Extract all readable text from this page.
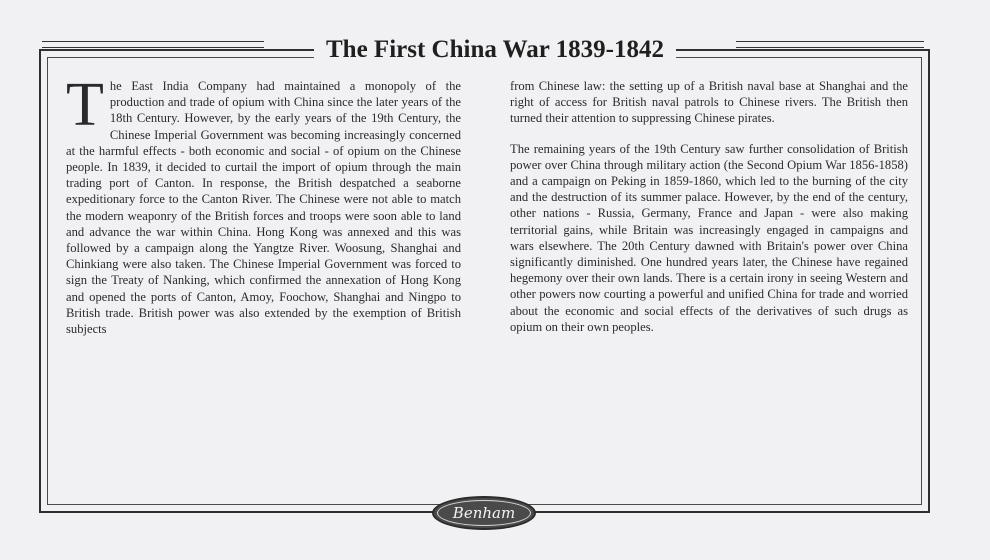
The First China War 1839-1842

The East India Company had maintained a monopoly of the production and trade of opium with China since the later years of the 18th Century. However, by the early years of the 19th Century, the Chinese Imperial Government was becoming increasingly concerned at the harmful effects - both economic and social - of opium on the Chinese people. In 1839, it decided to curtail the import of opium through the main trading port of Canton. In response, the British despatched a seaborne expeditionary force to the Canton River. The Chinese were not able to match the modern weaponry of the British forces and troops were soon able to land and advance the war within China. Hong Kong was annexed and this was followed by a campaign along the Yangtze River. Woosung, Shanghai and Chinkiang were also taken. The Chinese Imperial Government was forced to sign the Treaty of Nanking, which confirmed the annexation of Hong Kong and opened the ports of Canton, Amoy, Foochow, Shanghai and Ningpo to British trade. British power was also extended by the exemption of British subjects

from Chinese law: the setting up of a British naval base at Shanghai and the right of access for British naval patrols to Chinese rivers. The British then turned their attention to suppressing Chinese pirates.

The remaining years of the 19th Century saw further consolidation of British power over China through military action (the Second Opium War 1856-1858) and a campaign on Peking in 1859-1860, which led to the burning of the city and the destruction of its summer palace. However, by the end of the century, other nations - Russia, Germany, France and Japan - were also making territorial gains, while Britain was increasingly engaged in campaigns and wars elsewhere. The 20th Century dawned with Britain's power over China significantly diminished. One hundred years later, the Chinese have regained hegemony over their own lands. There is a certain irony in seeing Western and other powers now courting a powerful and unified China for trade and worried about the economic and social effects of the derivatives of such drugs as opium on their own peoples.

Benham
